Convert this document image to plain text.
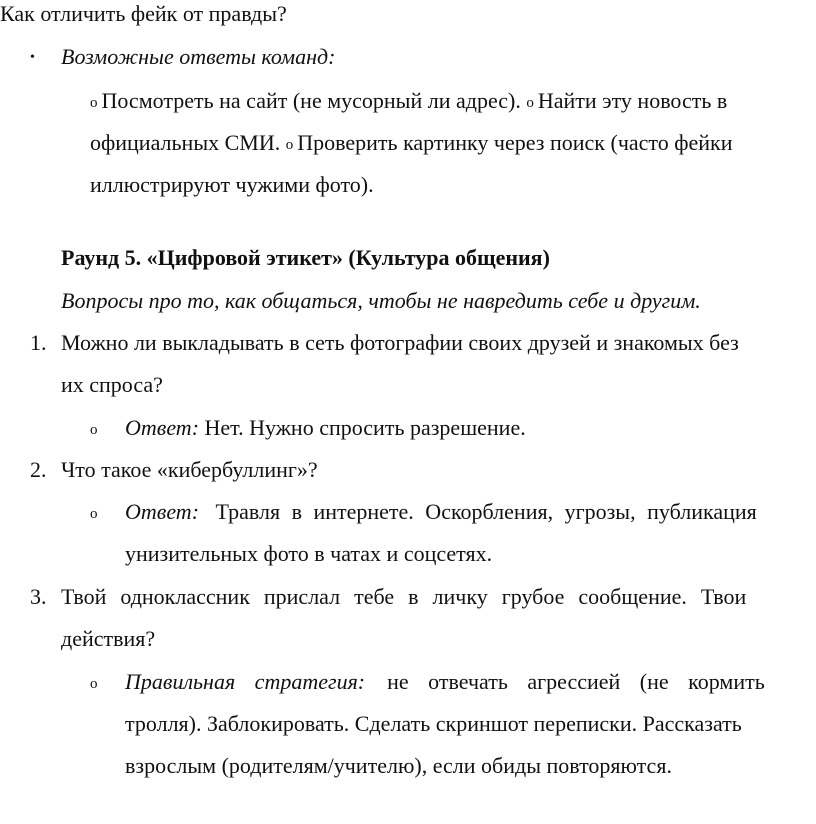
Как отличить фейк от правды?
• Возможные ответы команд:
o Посмотреть на сайт (не мусорный ли адрес). o Найти эту новость в
официальных СМИ. o Проверить картинку через поиск (часто фейки
иллюстрируют чужими фото).
Раунд 5. «Цифровой этикет» (Культура общения)
Вопросы про то, как общаться, чтобы не навредить себе и другим.
1. Можно ли выкладывать в сеть фотографии своих друзей и знакомых без
их спроса?
o Ответ: Нет. Нужно спросить разрешение.
2. Что такое «кибербуллинг»?
o Ответ: Травля в интернете. Оскорбления, угрозы, публикация
унизительных фото в чатах и соцсетях.
3. Твой одноклассник прислал тебе в личку грубое сообщение. Твои
действия?
o Правильная стратегия: не отвечать агрессией (не кормить
тролля). Заблокировать. Сделать скриншот переписки. Рассказать
взрослым (родителям/учителю), если обиды повторяются.
